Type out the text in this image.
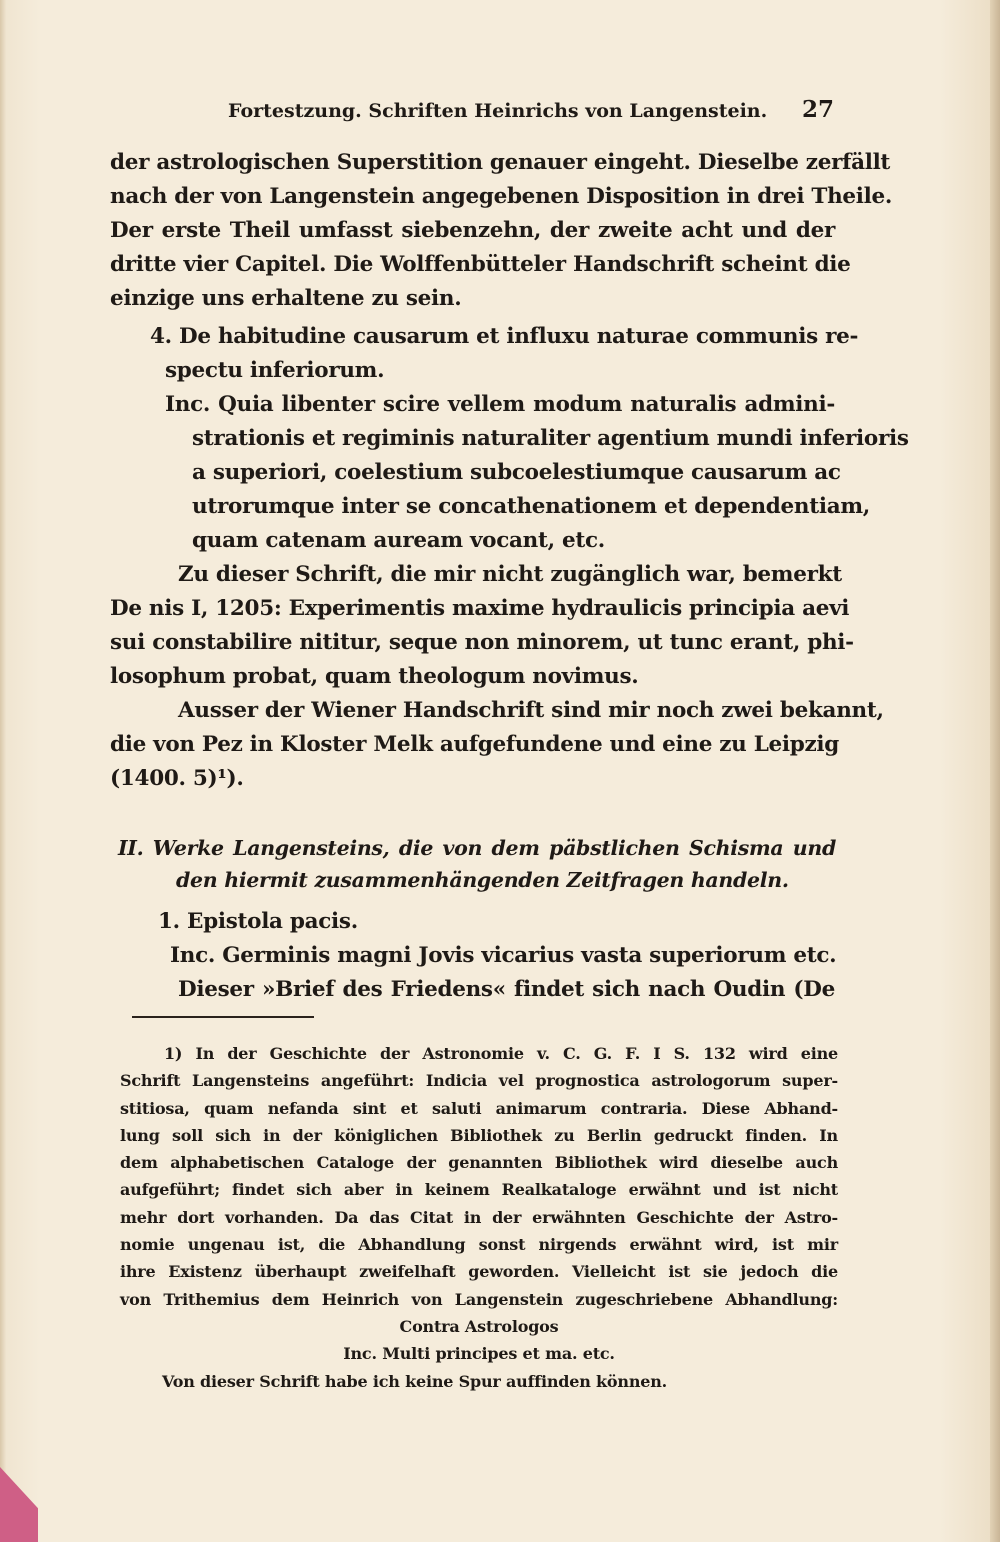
Fortestzung. Schriften Heinrichs von Langenstein. 27
der astrologischen Superstition genauer eingeht. Dieselbe zerfällt
nach der von Langenstein angegebenen Disposition in drei Theile.
Der erste Theil umfasst siebenzehn, der zweite acht und der
dritte vier Capitel. Die Wolffenbütteler Handschrift scheint die
einzige uns erhaltene zu sein.
4. De habitudine causarum et influxu naturae communis re-
spectu inferiorum.
Inc. Quia libenter scire vellem modum naturalis admini-
strationis et regiminis naturaliter agentium mundi inferioris
a superiori, coelestium subcoelestiumque causarum ac
utrorumque inter se concathenationem et dependentiam,
quam catenam auream vocant, etc.
Zu dieser Schrift, die mir nicht zugänglich war, bemerkt
De nis I, 1205: Experimentis maxime hydraulicis principia aevi
sui constabilire nititur, seque non minorem, ut tunc erant, phi-
losophum probat, quam theologum novimus.
Ausser der Wiener Handschrift sind mir noch zwei bekannt,
die von Pez in Kloster Melk aufgefundene und eine zu Leipzig
(1400. 5)¹).
II. Werke Langensteins, die von dem päbstlichen Schisma und
den hiermit zusammenhängenden Zeitfragen handeln.
1. Epistola pacis.
Inc. Germinis magni Jovis vicarius vasta superiorum etc.
Dieser »Brief des Friedens« findet sich nach Oudin (De
1) In der Geschichte der Astronomie v. C. G. F. I S. 132 wird eine
Schrift Langensteins angeführt: Indicia vel prognostica astrologorum super-
stitiosa, quam nefanda sint et saluti animarum contraria. Diese Abhand-
lung soll sich in der königlichen Bibliothek zu Berlin gedruckt finden. In
dem alphabetischen Cataloge der genannten Bibliothek wird dieselbe auch
aufgeführt; findet sich aber in keinem Realkataloge erwähnt und ist nicht
mehr dort vorhanden. Da das Citat in der erwähnten Geschichte der Astro-
nomie ungenau ist, die Abhandlung sonst nirgends erwähnt wird, ist mir
ihre Existenz überhaupt zweifelhaft geworden. Vielleicht ist sie jedoch die
von Trithemius dem Heinrich von Langenstein zugeschriebene Abhandlung:
Contra Astrologos
Inc. Multi principes et ma. etc.
Von dieser Schrift habe ich keine Spur auffinden können.
